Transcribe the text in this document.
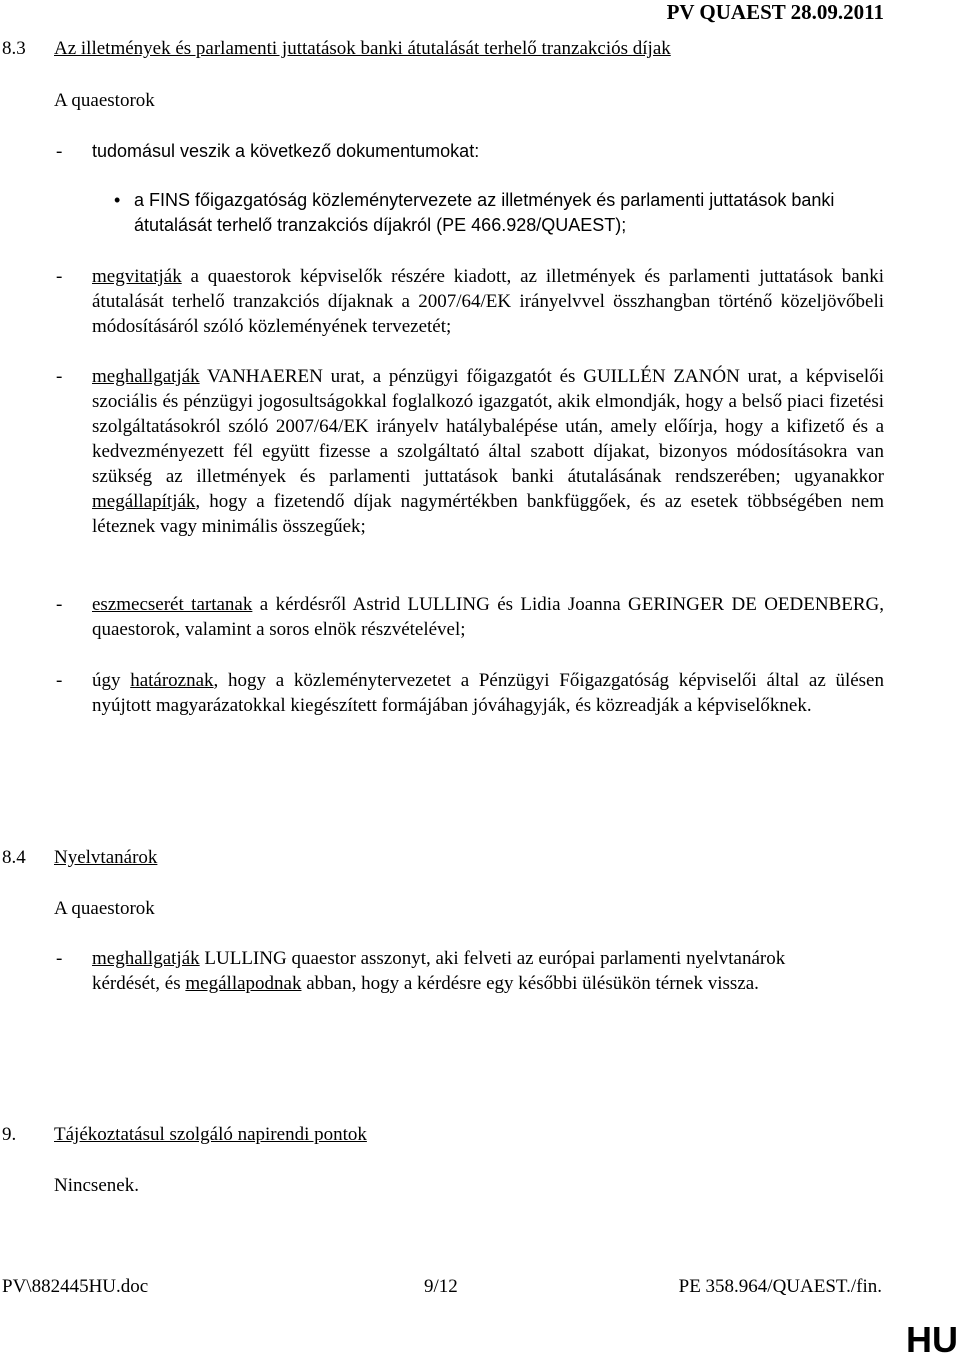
PV QUAEST 28.09.2011
8.3 Az illetmények és parlamenti juttatások banki átutalását terhelő tranzakciós díjak
A quaestorok
- tudomásul veszik a következő dokumentumokat:
• a FINS főigazgatóság közleménytervezete az illetmények és parlamenti juttatások banki átutalását terhelő tranzakciós díjakról (PE 466.928/QUAEST);
- megvitatják a quaestorok képviselők részére kiadott, az illetmények és parlamenti juttatások banki átutalását terhelő tranzakciós díjaknak a 2007/64/EK irányelvvel összhangban történő közeljövőbeli módosításáról szóló közleményének tervezetét;
- meghallgatják VANHAEREN urat, a pénzügyi főigazgatót és GUILLÉN ZANÓN urat, a képviselői szociális és pénzügyi jogosultságokkal foglalkozó igazgatót, akik elmondják, hogy a belső piaci fizetési szolgáltatásokról szóló 2007/64/EK irányelv hatálybalépése után, amely előírja, hogy a kifizető és a kedvezményezett fél együtt fizesse a szolgáltató által szabott díjakat, bizonyos módosításokra van szükség az illetmények és parlamenti juttatások banki átutalásának rendszerében; ugyanakkor megállapítják, hogy a fizetendő díjak nagymértékben bankfüggőek, és az esetek többségében nem léteznek vagy minimális összegűek;
- eszmecserét tartanak a kérdésről Astrid LULLING és Lidia Joanna GERINGER DE OEDENBERG, quaestorok, valamint a soros elnök részvételével;
- úgy határoznak, hogy a közleménytervezetet a Pénzügyi Főigazgatóság képviselői által az ülésen nyújtott magyarázatokkal kiegészített formájában jóváhagyják, és közreadják a képviselőknek.
8.4 Nyelvtanárok
A quaestorok
- meghallgatják LULLING quaestor asszonyt, aki felveti az európai parlamenti nyelvtanárok kérdését, és megállapodnak abban, hogy a kérdésre egy későbbi ülésükön térnek vissza.
9. Tájékoztatásul szolgáló napirendi pontok
Nincsenek.
PV\882445HU.doc	9/12	PE 358.964/QUAEST./fin.
HU
